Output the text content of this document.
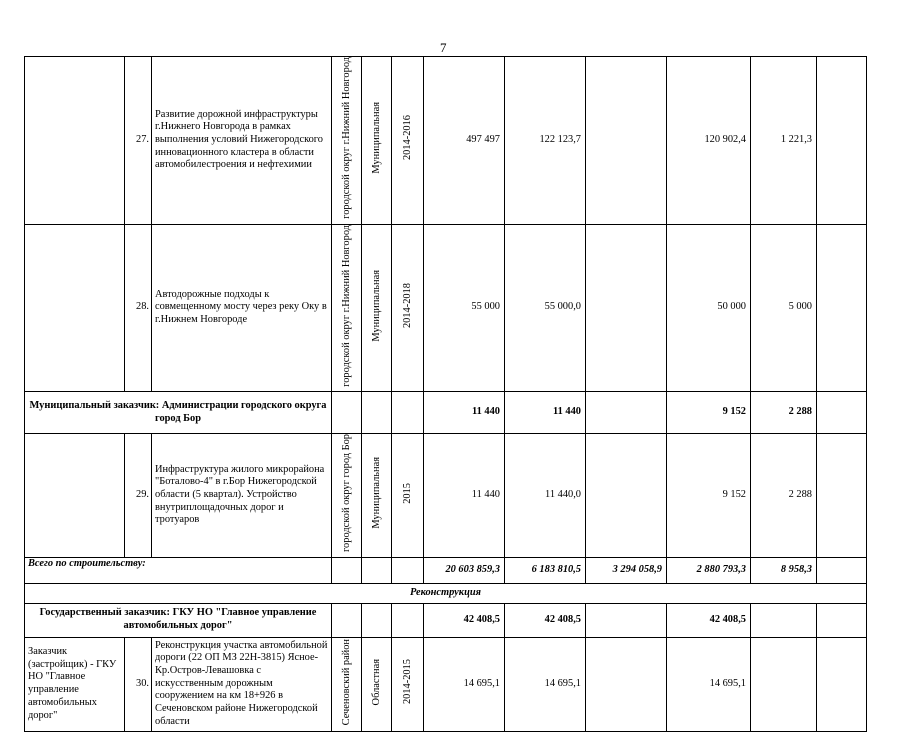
7
	27.	Развитие дорожной инфраструктуры г.Нижнего Новгорода в рамках выполнения условий Нижегородского инновационного кластера в области автомобилестроения и нефтехимии	городской округ г.Нижний Новгород	Муниципальная	2014-2016	497 497	122 123,7		120 902,4	1 221,3	
	28.	Автодорожные подходы к совмещенному мосту через реку Оку в г.Нижнем Новгороде	городской округ г.Нижний Новгород	Муниципальная	2014-2018	55 000	55 000,0		50 000	5 000	
Муниципальный заказчик: Администрации городского округа город Бор						11 440	11 440		9 152	2 288	
	29.	Инфраструктура жилого микрорайона "Боталово-4" в г.Бор Нижегородской области (5 квартал). Устройство внутриплощадочных дорог и тротуаров	городской округ город Бор	Муниципальная	2015	11 440	11 440,0		9 152	2 288	
Всего по строительству:						20 603 859,3	6 183 810,5	3 294 058,9	2 880 793,3	8 958,3	
Реконструкция											
Государственный заказчик: ГКУ НО "Главное управление автомобильных дорог"						42 408,5	42 408,5		42 408,5		
Заказчик (застройщик) - ГКУ НО "Главное управление автомобильных дорог"	30.	Реконструкция участка автомобильной дороги (22 ОП МЗ 22Н-3815) Ясное-Кр.Остров-Левашовка с искусственным дорожным сооружением на км 18+926 в Сеченовском районе Нижегородской области	Сеченовский район	Областная	2014-2015	14 695,1	14 695,1		14 695,1		
